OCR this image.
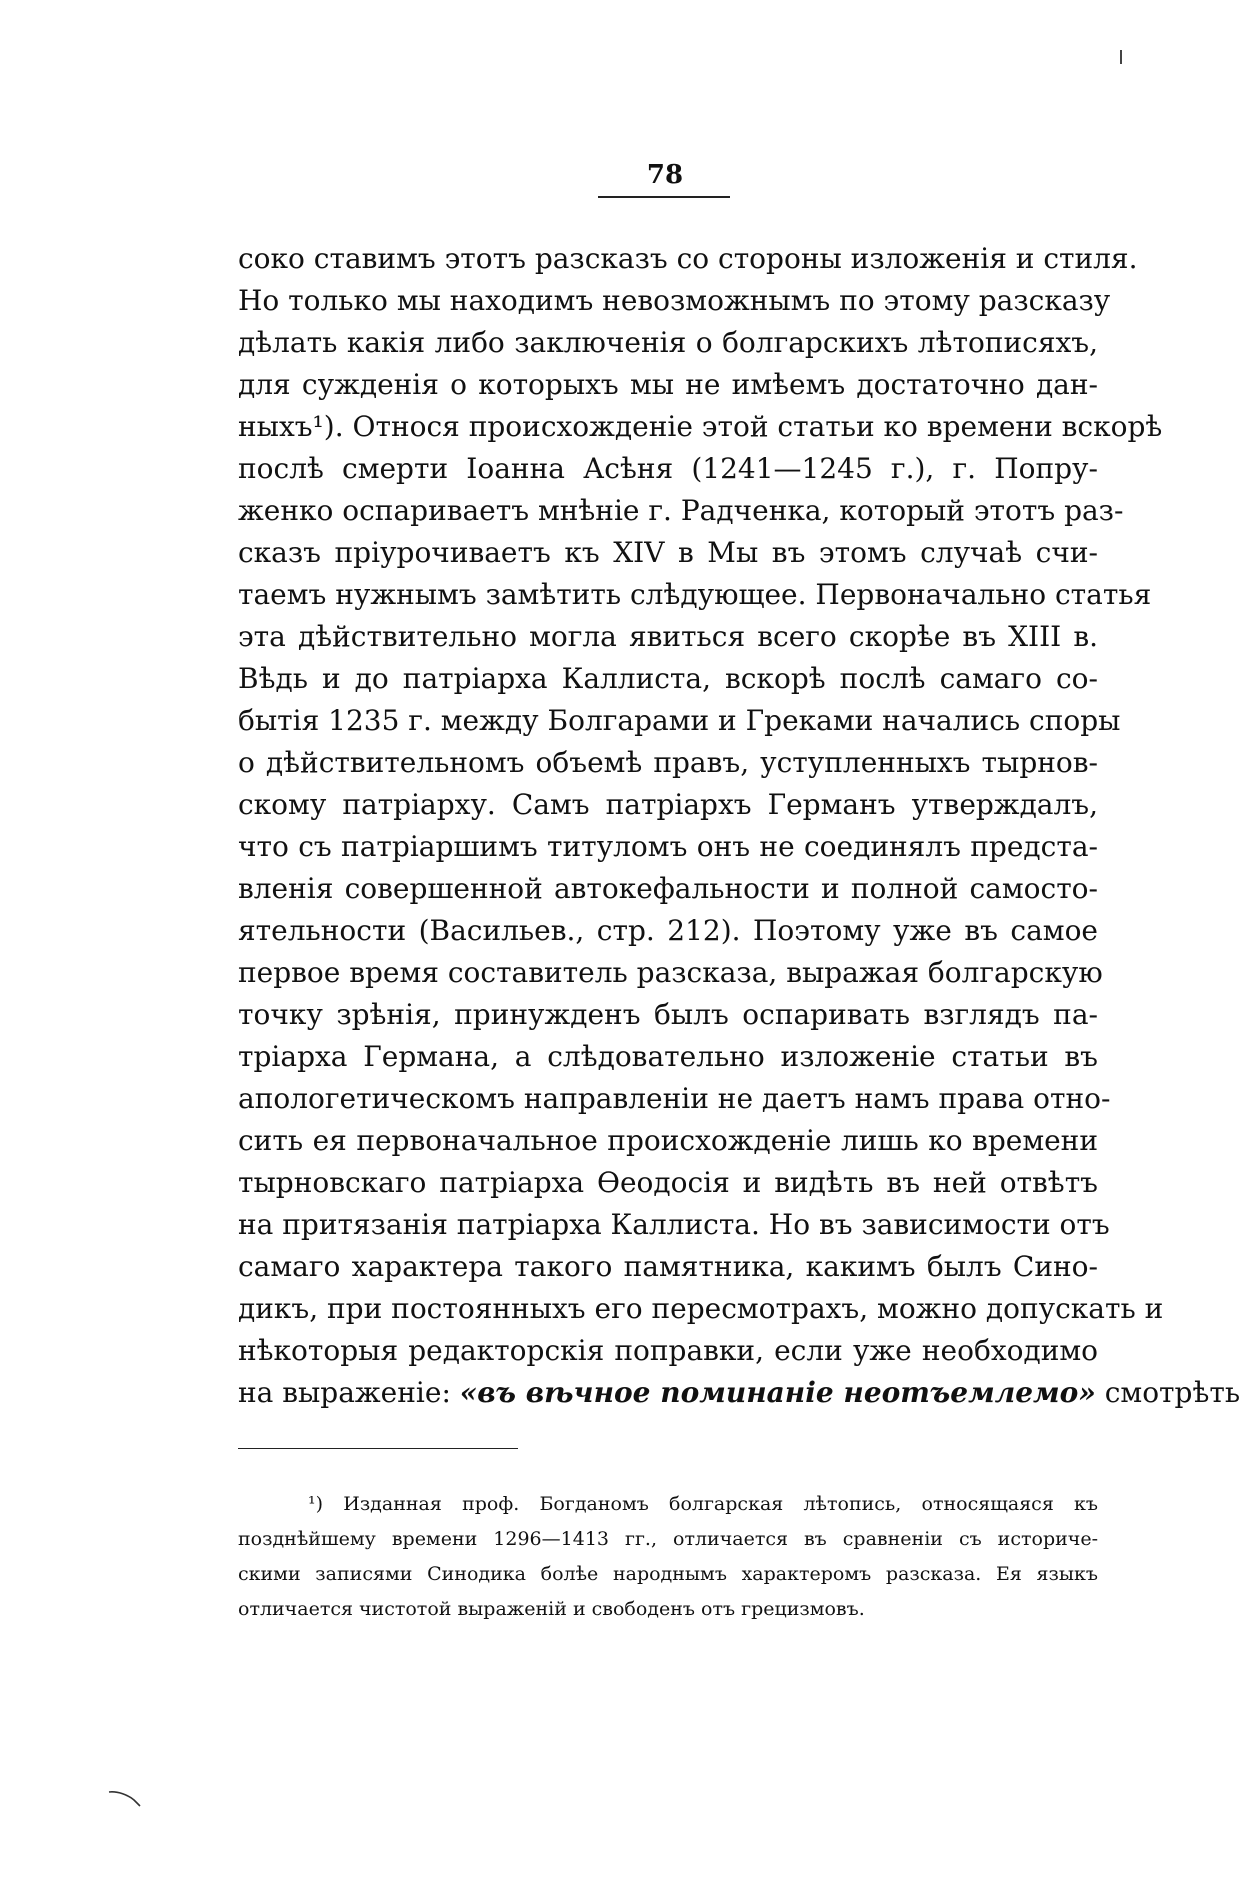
78
соко ставимъ этотъ разсказъ со стороны изложенія и стиля.
Но только мы находимъ невозможнымъ по этому разсказу
дѣлать какія либо заключенія о болгарскихъ лѣтописяхъ,
для сужденія о которыхъ мы не имѣемъ достаточно дан-
ныхъ¹). Относя происхожденіе этой статьи ко времени вскорѣ
послѣ смерти Іоанна Асѣня (1241—1245 г.), г. Попру-
женко оспариваетъ мнѣніе г. Радченка, который этотъ раз-
сказъ пріурочиваетъ къ XIV в Мы въ этомъ случаѣ счи-
таемъ нужнымъ замѣтить слѣдующее. Первоначально статья
эта дѣйствительно могла явиться всего скорѣе въ XIII в.
Вѣдь и до патріарха Каллиста, вскорѣ послѣ самаго со-
бытія 1235 г. между Болгарами и Греками начались споры
о дѣйствительномъ объемѣ правъ, уступленныхъ тырнов-
скому патріарху. Самъ патріархъ Германъ утверждалъ,
что съ патріаршимъ титуломъ онъ не соединялъ предста-
вленія совершенной автокефальности и полной самосто-
ятельности (Васильев., стр. 212). Поэтому уже въ самое
первое время составитель разсказа, выражая болгарскую
точку зрѣнія, принужденъ былъ оспаривать взглядъ па-
тріарха Германа, а слѣдовательно изложеніе статьи въ
апологетическомъ направленіи не даетъ намъ права отно-
сить ея первоначальное происхожденіе лишь ко времени
тырновскаго патріарха Ѳеодосія и видѣть въ ней отвѣтъ
на притязанія патріарха Каллиста. Но въ зависимости отъ
самаго характера такого памятника, какимъ былъ Сино-
дикъ, при постоянныхъ его пересмотрахъ, можно допускать и
нѣкоторыя редакторскія поправки, если уже необходимо
на выраженіе: «въ вѣчное поминаніе неотъемлемо» смотрѣть
¹) Изданная проф. Богданомъ болгарская лѣтопись, относящаяся къ
позднѣйшему времени 1296—1413 гг., отличается въ сравненіи съ историче-
скими записями Синодика болѣе народнымъ характеромъ разсказа. Ея языкъ
отличается чистотой выраженій и свободенъ отъ грецизмовъ.
